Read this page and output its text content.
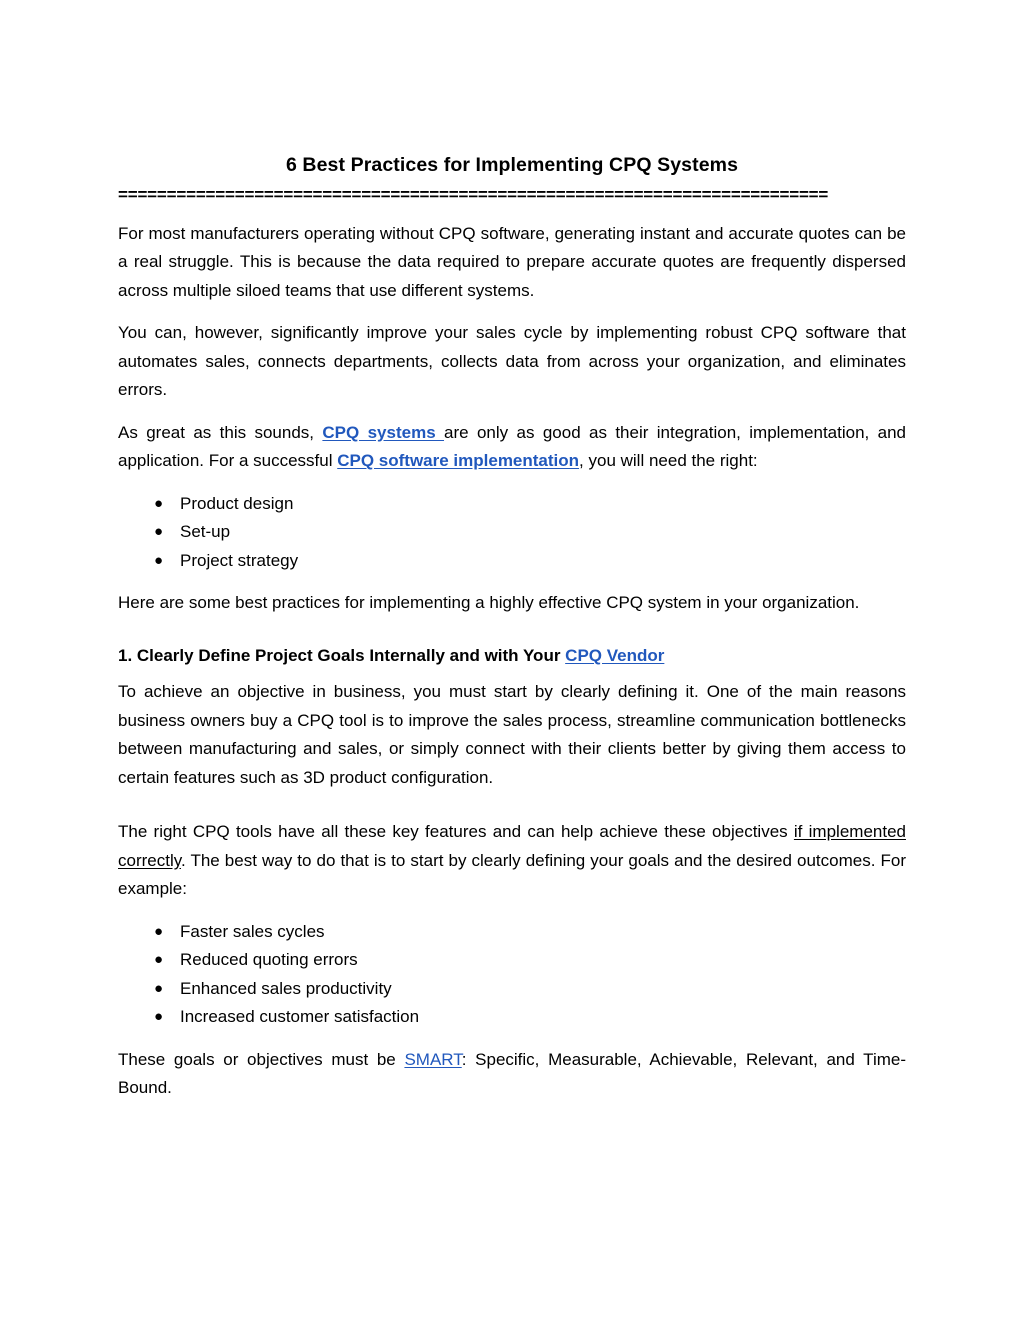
6 Best Practices for Implementing CPQ Systems
=========================================================================

For most manufacturers operating without CPQ software, generating instant and accurate quotes can be a real struggle. This is because the data required to prepare accurate quotes are frequently dispersed across multiple siloed teams that use different systems.

You can, however, significantly improve your sales cycle by implementing robust CPQ software that automates sales, connects departments, collects data from across your organization, and eliminates errors.

As great as this sounds, CPQ systems are only as good as their integration, implementation, and application. For a successful CPQ software implementation, you will need the right:

● Product design
● Set-up
● Project strategy

Here are some best practices for implementing a highly effective CPQ system in your organization.

1. Clearly Define Project Goals Internally and with Your CPQ Vendor

To achieve an objective in business, you must start by clearly defining it. One of the main reasons business owners buy a CPQ tool is to improve the sales process, streamline communication bottlenecks between manufacturing and sales, or simply connect with their clients better by giving them access to certain features such as 3D product configuration.

The right CPQ tools have all these key features and can help achieve these objectives if implemented correctly. The best way to do that is to start by clearly defining your goals and the desired outcomes. For example:

● Faster sales cycles
● Reduced quoting errors
● Enhanced sales productivity
● Increased customer satisfaction

These goals or objectives must be SMART: Specific, Measurable, Achievable, Relevant, and Time-Bound.
